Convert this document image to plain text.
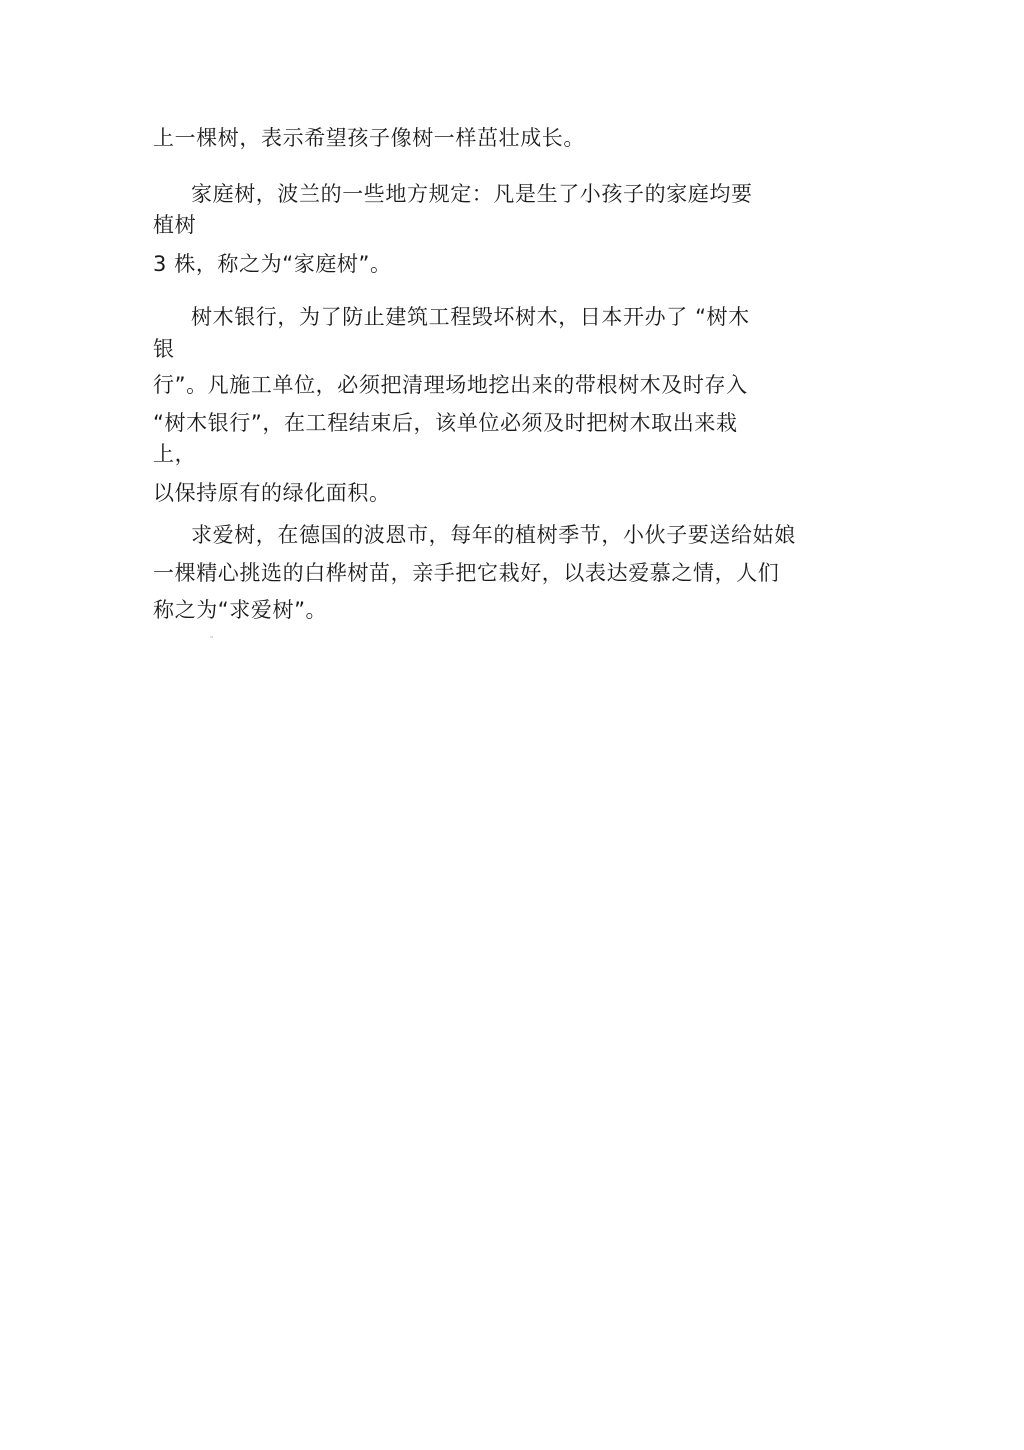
上一棵树，表示希望孩子像树一样茁壮成长。
家庭树，波兰的一些地方规定：凡是生了小孩子的家庭均要
植树
3 株，称之为“家庭树”。
树木银行，为了防止建筑工程毁坏树木，日本开办了 “树木
银
行”。凡施工单位，必须把清理场地挖出来的带根树木及时存入
“树木银行”，在工程结束后，该单位必须及时把树木取出来栽
上，
以保持原有的绿化面积。
求爱树，在德国的波恩市，每年的植树季节，小伙子要送给姑娘
一棵精心挑选的白桦树苗，亲手把它栽好，以表达爱慕之情，人们
称之为“求爱树”。
